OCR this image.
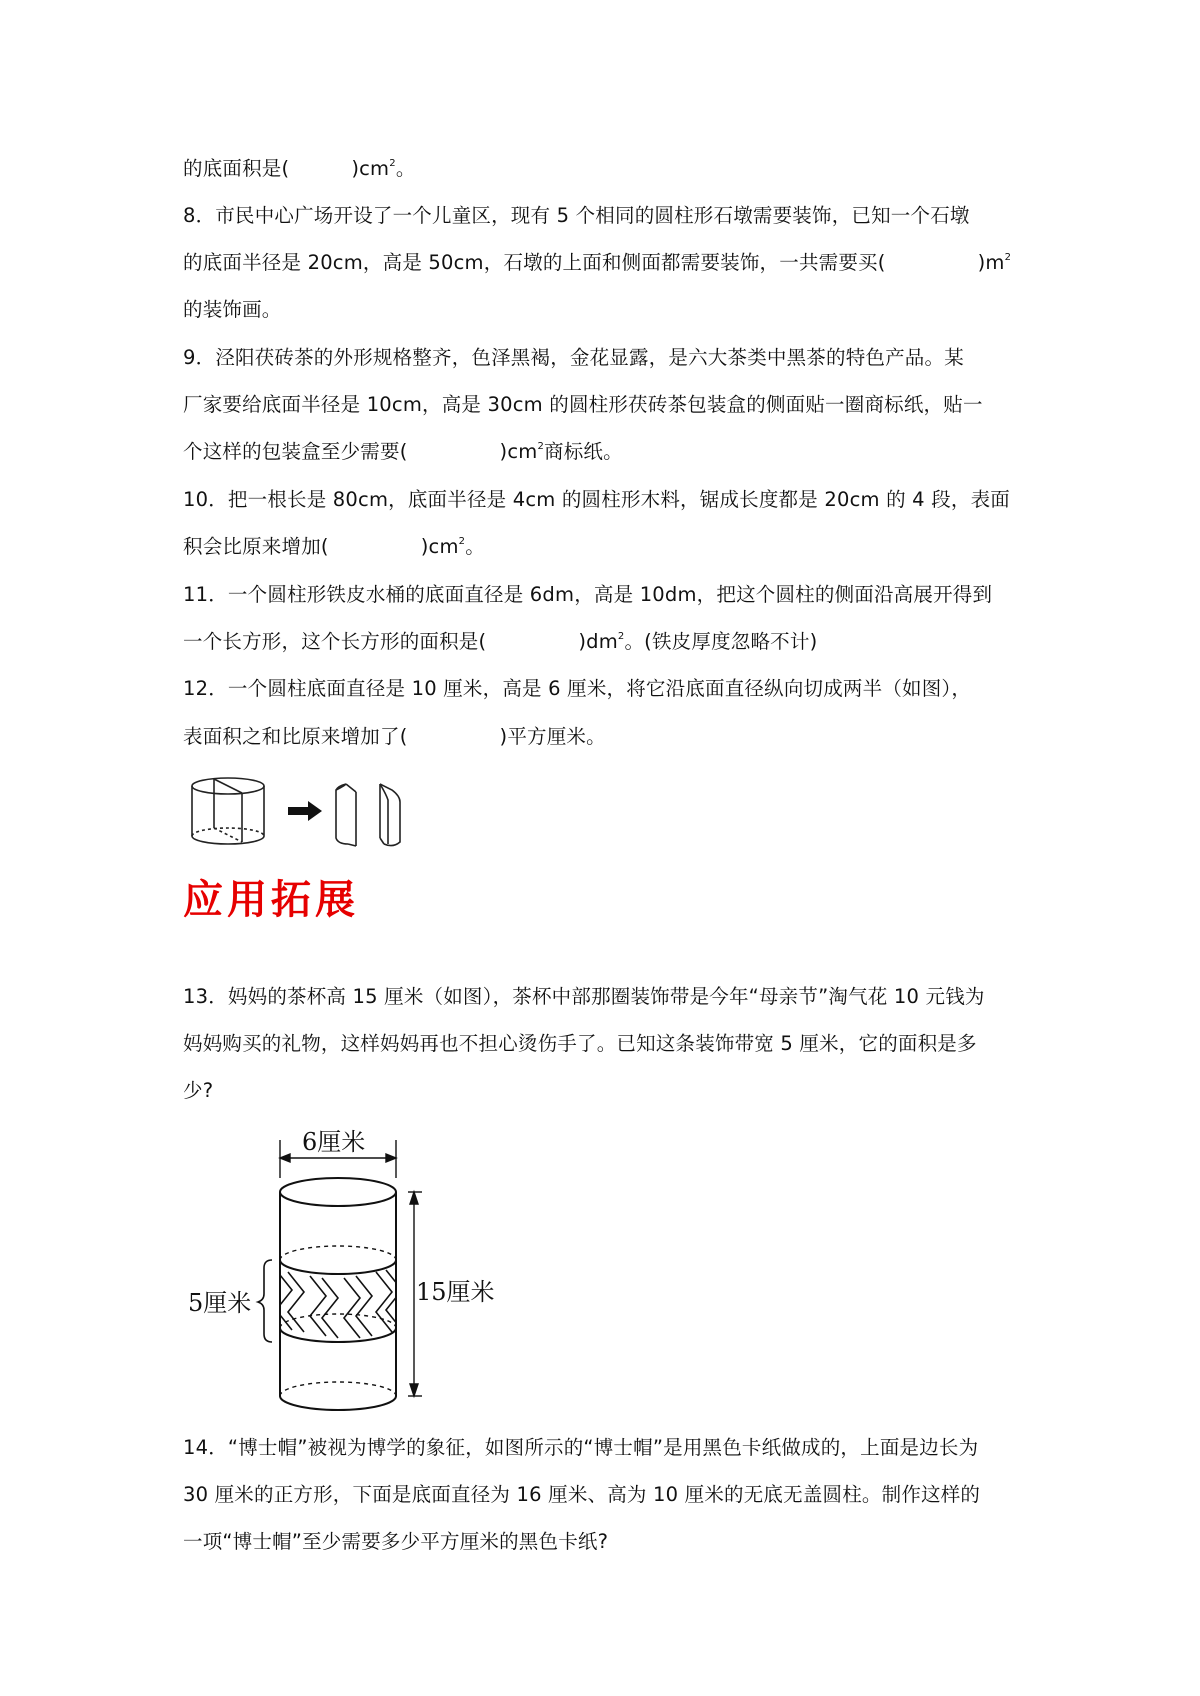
的底面积是(	)$cm^2$。
8．市民中心广场开设了一个儿童区，现有 5 个相同的圆柱形石墩需要装饰，已知一个石墩
的底面半径是 20cm，高是 50cm，石墩的上面和侧面都需要装饰，一共需要买(	)$m^2$
的装饰画。
9．泾阳茯砖茶的外形规格整齐，色泽黑褐，金花显露，是六大茶类中黑茶的特色产品。某
厂家要给底面半径是 10cm，高是 30cm 的圆柱形茯砖茶包装盒的侧面贴一圈商标纸，贴一
个这样的包装盒至少需要(	)$cm^2$商标纸。
10．把一根长是 80cm，底面半径是 4cm 的圆柱形木料，锯成长度都是 20cm 的 4 段，表面
积会比原来增加(	)$cm^2$。
11．一个圆柱形铁皮水桶的底面直径是 6dm，高是 10dm，把这个圆柱的侧面沿高展开得到
一个长方形，这个长方形的面积是(	)$dm^2$。(铁皮厚度忽略不计)
12．一个圆柱底面直径是 10 厘米，高是 6 厘米，将它沿底面直径纵向切成两半（如图），
表面积之和比原来增加了(	)平方厘米。
应用拓展
13．妈妈的茶杯高 15 厘米（如图），茶杯中部那圈装饰带是今年“母亲节”淘气花 10 元钱为
妈妈购买的礼物，这样妈妈再也不担心烫伤手了。已知这条装饰带宽 5 厘米，它的面积是多
少?
6厘米
5厘米	15厘米
14．“博士帽”被视为博学的象征，如图所示的“博士帽”是用黑色卡纸做成的，上面是边长为
30 厘米的正方形，下面是底面直径为 16 厘米、高为 10 厘米的无底无盖圆柱。制作这样的
一项“博士帽”至少需要多少平方厘米的黑色卡纸?
